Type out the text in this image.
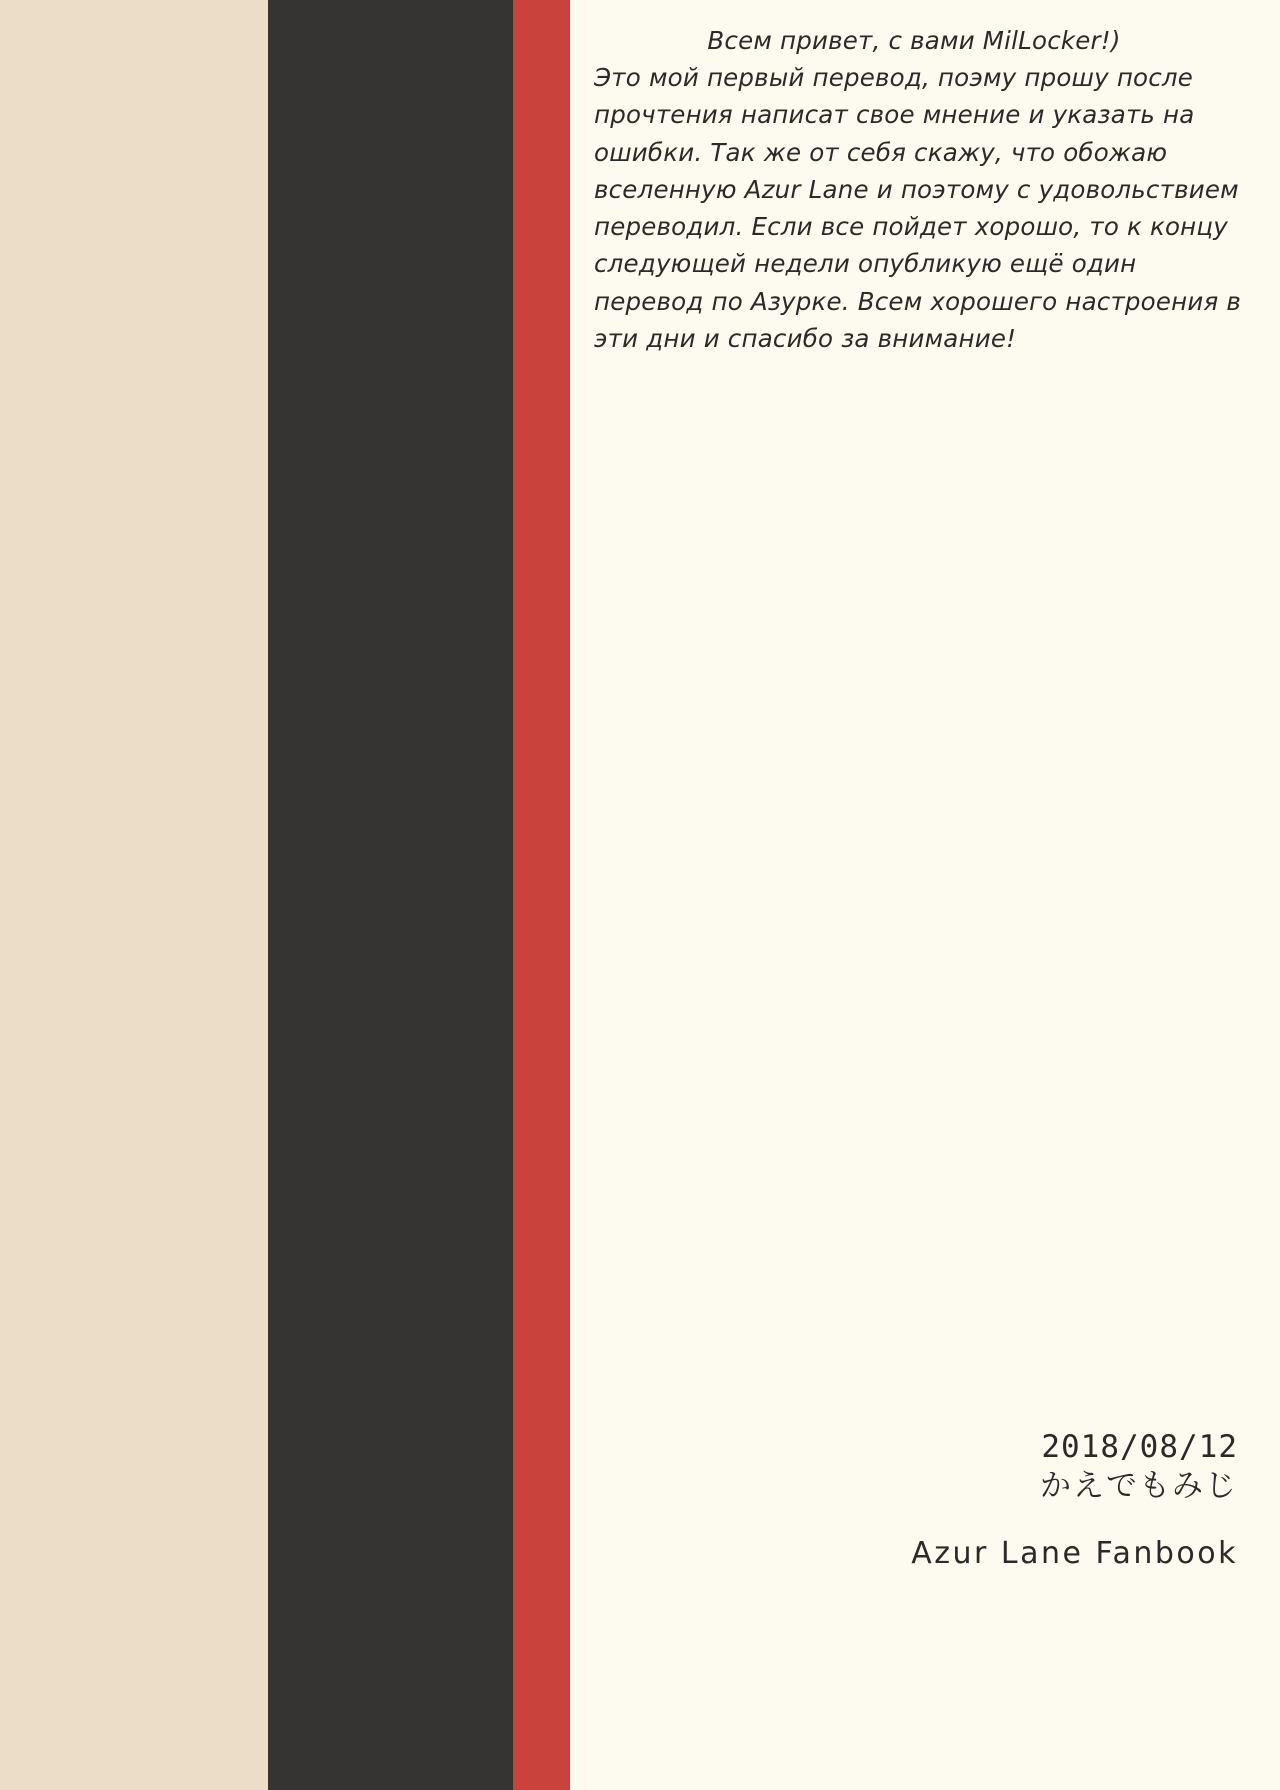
Всем привет, с вами MilLocker!)
Это мой первый перевод, поэму прошу после прочтения написат свое мнение и указать на ошибки. Так же от себя скажу, что обожаю вселенную Azur Lane и поэтому с удовольствием переводил. Если все пойдет хорошо, то к концу следующей недели опубликую ещё один перевод по Азурке. Всем хорошего настроения в эти дни и спасибо за внимание!
2018/08/12
かえでもみじ
Azur Lane Fanbook
